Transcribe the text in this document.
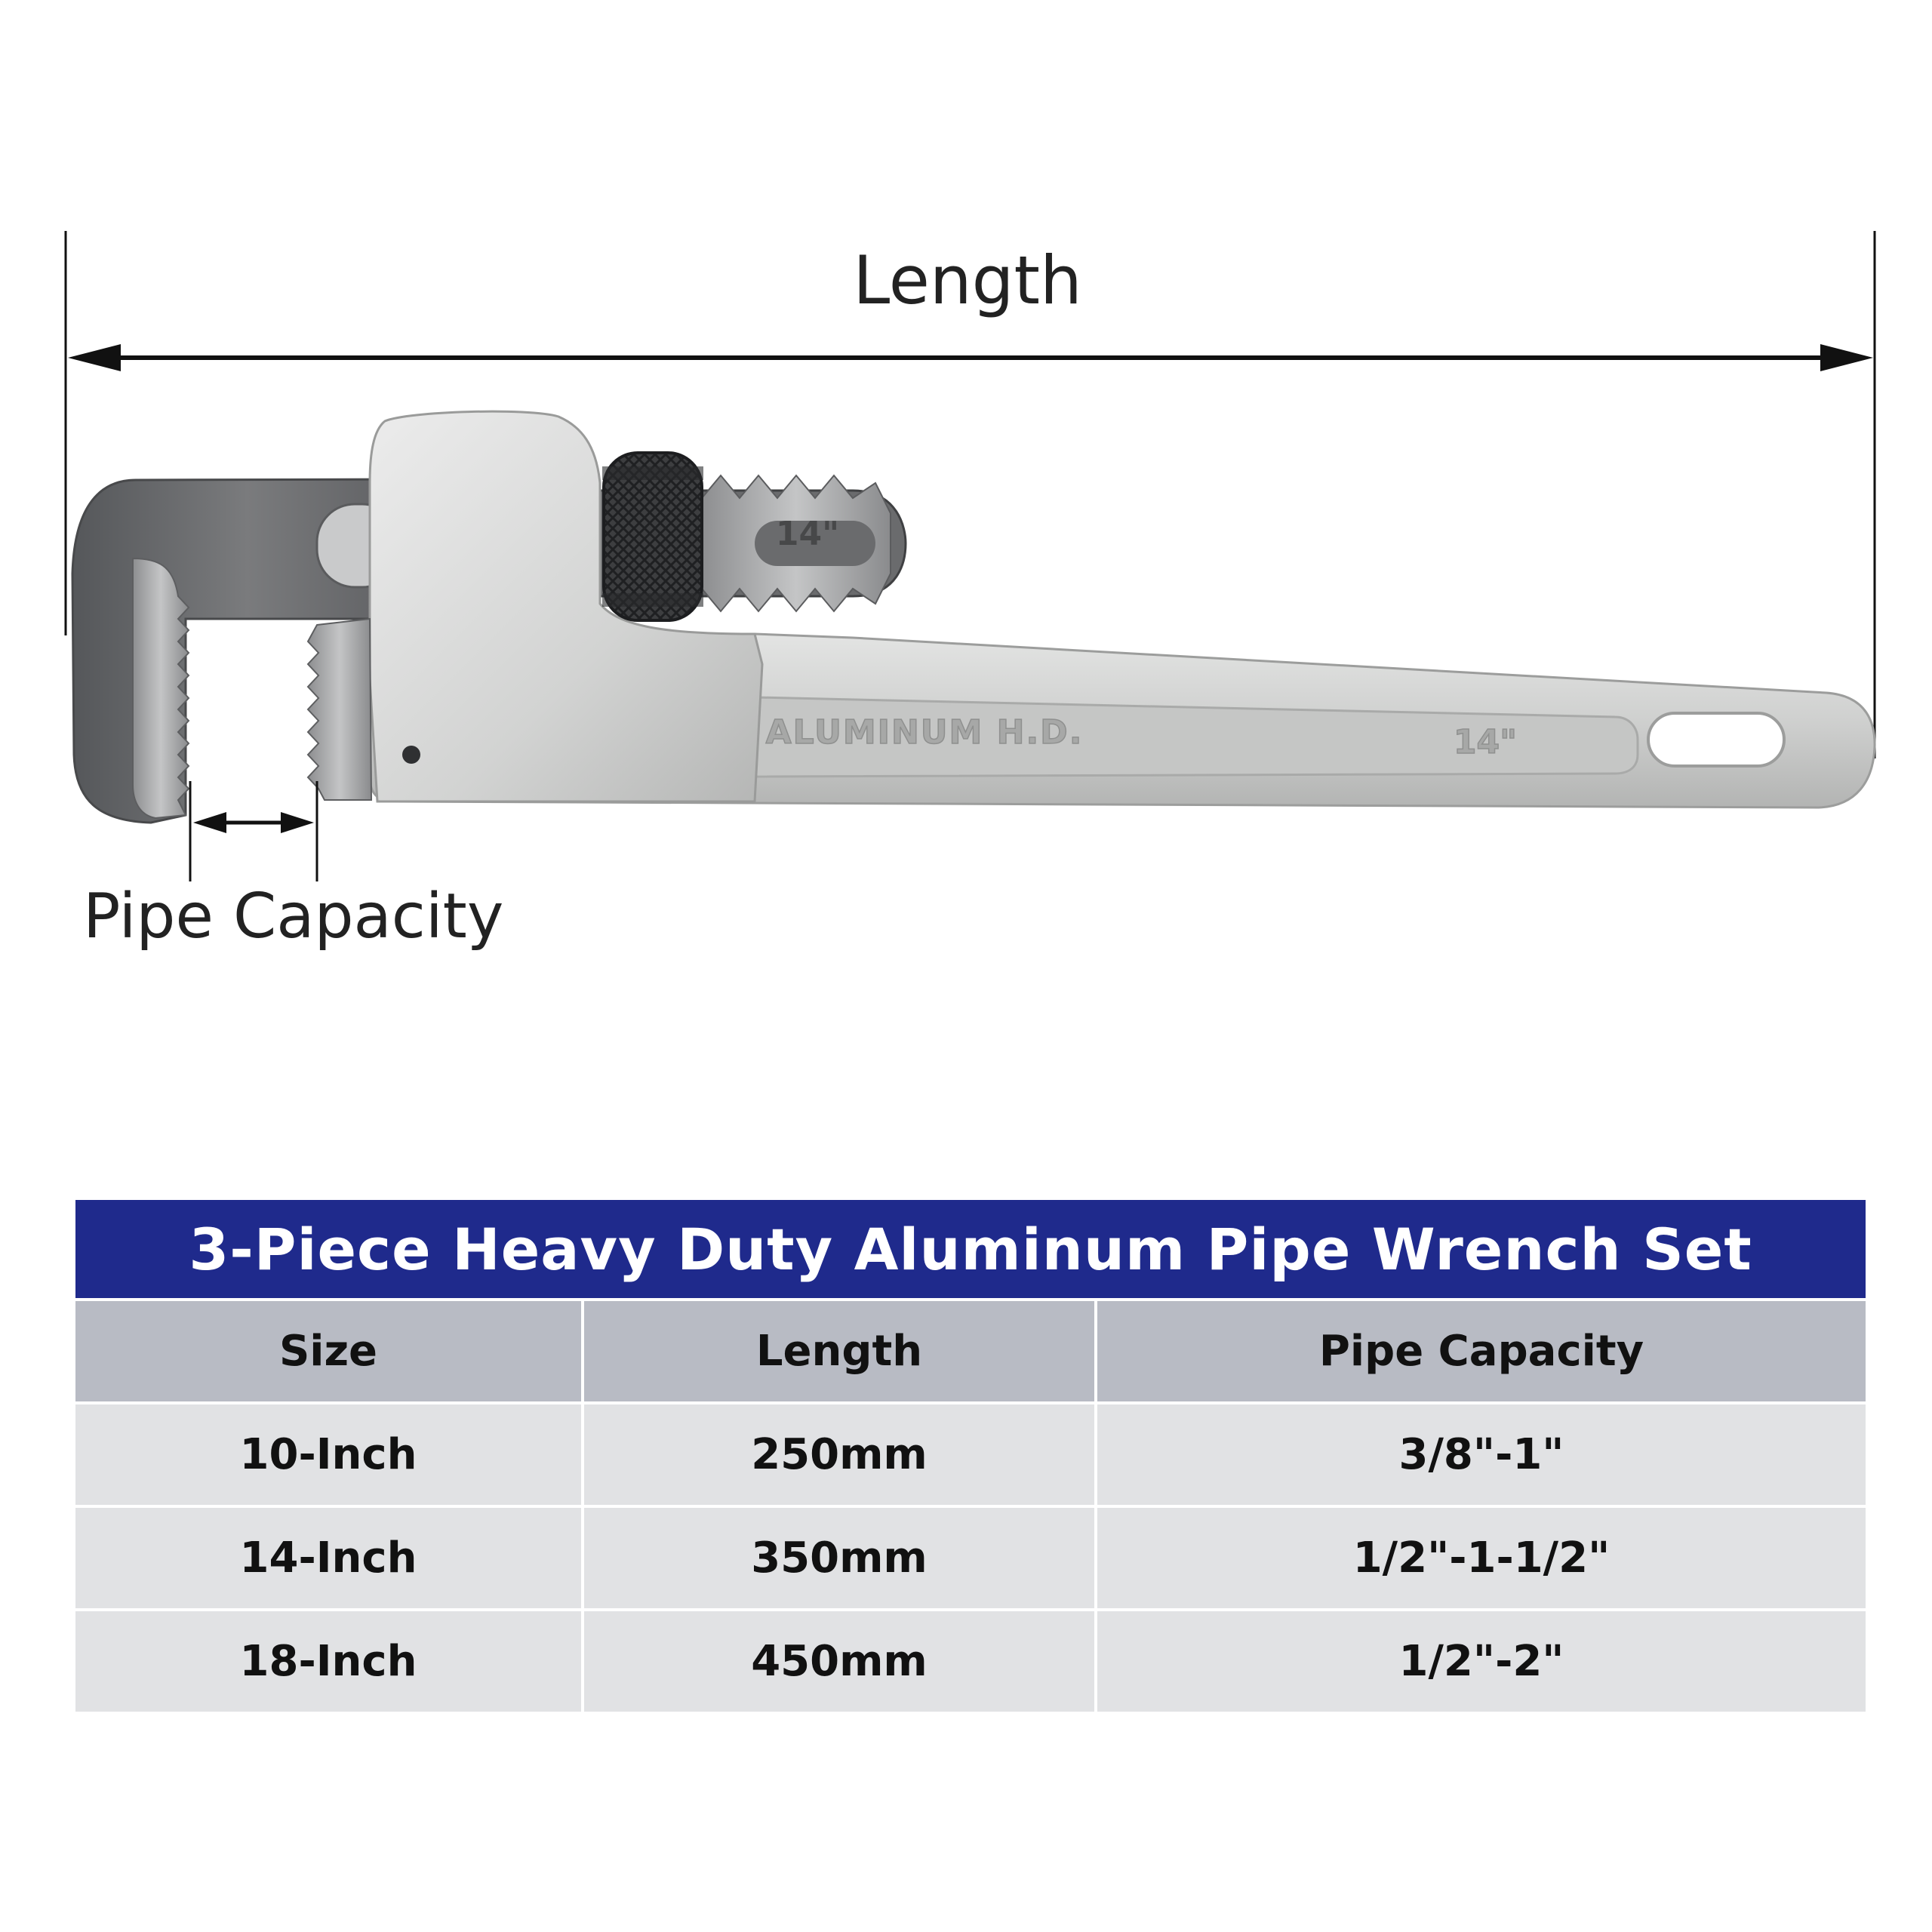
Length
14"
ALUMINUM H.D.	14"
Pipe Capacity
3-Piece Heavy Duty Aluminum Pipe Wrench Set		
Size	Length	Pipe Capacity
10-Inch	250mm	3/8"-1"
14-Inch	350mm	1/2"-1-1/2"
18-Inch	450mm	1/2"-2"
